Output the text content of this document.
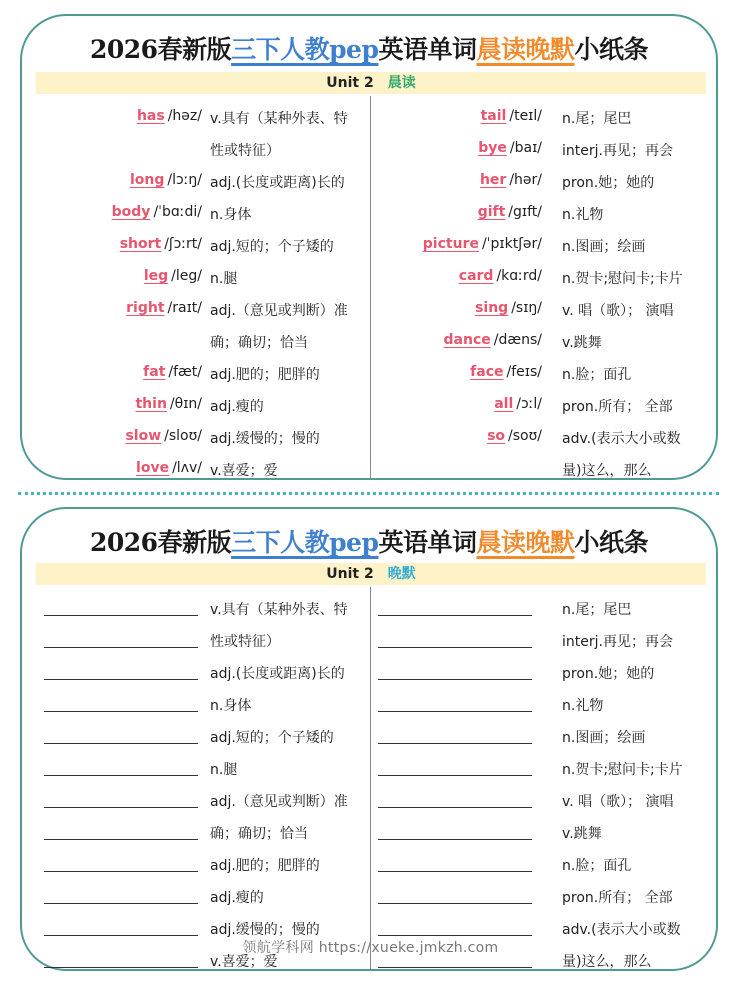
2026春新版三下人教pep英语单词晨读晚默小纸条
Unit 2 晨读
has /həz/ v.具有（某种外表、特
性或特征）
long /lɔːŋ/ adj.(长度或距离)长的
body /ˈbɑːdi/ n.身体
short /ʃɔːrt/ adj.短的；个子矮的
leg /leg/ n.腿
right /raɪt/ adj.（意见或判断）准
确；确切；恰当
fat /fæt/ adj.肥的；肥胖的
thin /θɪn/ adj.瘦的
slow /sloʊ/ adj.缓慢的；慢的
love /lʌv/ v.喜爱；爱
tail /teɪl/ n.尾；尾巴
bye /baɪ/ interj.再见；再会
her /hər/ pron.她；她的
gift /gɪft/ n.礼物
picture /ˈpɪktʃər/ n.图画；绘画
card /kɑːrd/ n.贺卡;慰问卡;卡片
sing /sɪŋ/ v. 唱（歌）； 演唱
dance /dæns/ v.跳舞
face /feɪs/ n.脸；面孔
all /ɔːl/ pron.所有； 全部
so /soʊ/ adv.(表示大小或数
量)这么，那么
2026春新版三下人教pep英语单词晨读晚默小纸条
Unit 2 晚默
v.具有（某种外表、特
性或特征）
adj.(长度或距离)长的
n.身体
adj.短的；个子矮的
n.腿
adj.（意见或判断）准
确；确切；恰当
adj.肥的；肥胖的
adj.瘦的
adj.缓慢的；慢的
v.喜爱；爱
n.尾；尾巴
interj.再见；再会
pron.她；她的
n.礼物
n.图画；绘画
n.贺卡;慰问卡;卡片
v. 唱（歌）； 演唱
v.跳舞
n.脸；面孔
pron.所有； 全部
adv.(表示大小或数
量)这么，那么
领航学科网 https://xueke.jmkzh.com
